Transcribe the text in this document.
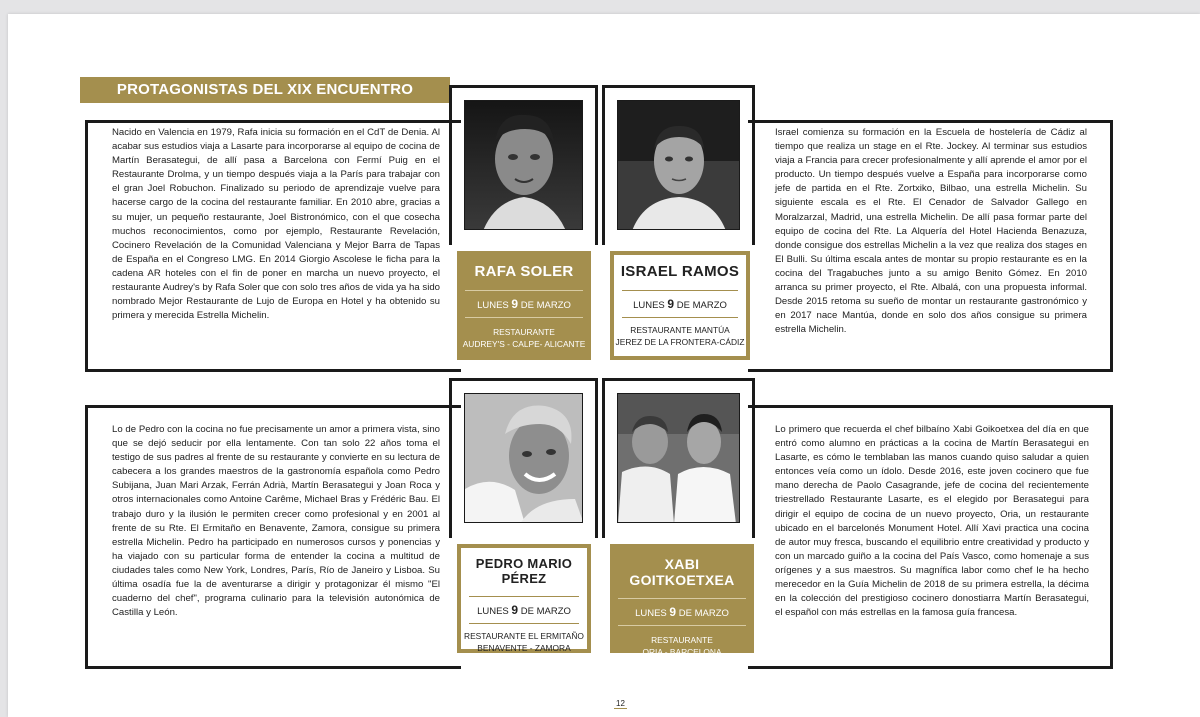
PROTAGONISTAS DEL XIX ENCUENTRO ALFONSO MIRA
Nacido en Valencia en 1979, Rafa inicia su formación en el CdT de Denia. Al acabar sus estudios viaja a Lasarte para incorporarse al equipo de cocina de Martín Berasategui, de allí pasa a Barcelona con Fermí Puig en el Restaurante Drolma, y un tiempo después viaja a la París para trabajar con el gran Joel Robuchon. Finalizado su periodo de aprendizaje vuelve para hacerse cargo de la cocina del restaurante familiar. En 2010 abre, gracias a su mujer, un pequeño restaurante, Joel Bistronómico, con el que cosecha muchos reconocimientos, como por ejemplo, Restaurante Revelación, Cocinero Revelación de la Comunidad Valenciana y Mejor Barra de Tapas de España en el Congreso LMG. En 2014 Giorgio Ascolese le ficha para la cadena AR hoteles con el fin de poner en marcha un nuevo proyecto, el restaurante Audrey's by Rafa Soler que con solo tres años de vida ya ha sido nombrado Mejor Restaurante de Lujo de Europa en Hotel y ha obtenido su primera y merecida Estrella Michelin.
Israel comienza su formación en la Escuela de hostelería de Cádiz al tiempo que realiza un stage en el Rte. Jockey. Al terminar sus estudios viaja a Francia para crecer profesionalmente y allí aprende el amor por el producto. Un tiempo después vuelve a España para incorporarse como jefe de partida en el Rte. Zortxiko, Bilbao, una estrella Michelin. Su siguiente escala es el Rte. El Cenador de Salvador Gallego en Moralzarzal, Madrid, una estrella Michelin. De allí pasa formar parte del equipo de cocina del Rte. La Alquería del Hotel Hacienda Benazuza, donde consigue dos estrellas Michelin a la vez que realiza dos stages en El Bulli. Su última escala antes de montar su propio restaurante es en la cocina del Tragabuches junto a su amigo Benito Gómez. En 2010 arranca su primer proyecto, el Rte. Albalá, con una propuesta informal. Desde 2015 retoma su sueño de montar un restaurante gastronómico y en 2017 nace Mantúa, donde en solo dos años consigue su primera estrella Michelin.
Lo de Pedro con la cocina no fue precisamente un amor a primera vista, sino que se dejó seducir por ella lentamente. Con tan solo 22 años toma el testigo de sus padres al frente de su restaurante y convierte en su lectura de cabecera a los grandes maestros de la gastronomía española como Pedro Subijana, Juan Mari Arzak, Ferrán Adrià, Martín Berasategui y Joan Roca y otros internacionales como Antoine Carême, Michael Bras y Frédéric Bau. El trabajo duro y la ilusión le permiten crecer como profesional y en 2001 al frente de su Rte. El Ermitaño en Benavente, Zamora, consigue su primera estrella Michelin. Pedro ha participado en numerosos cursos y ponencias y ha viajado con su particular forma de entender la cocina a multitud de ciudades tales como New York, Londres, París, Río de Janeiro y Lisboa. Su última osadía fue la de aventurarse a dirigir y protagonizar él mismo "El cuaderno del chef", programa culinario para la televisión autonómica de Castilla y León.
Lo primero que recuerda el chef bilbaíno Xabi Goikoetxea del día en que entró como alumno en prácticas a la cocina de Martín Berasategui en Lasarte, es cómo le temblaban las manos cuando quiso saludar a quien entonces veía como un ídolo. Desde 2016, este joven cocinero que fue mano derecha de Paolo Casagrande, jefe de cocina del recientemente triestrellado Restaurante Lasarte, es el elegido por Berasategui para dirigir el equipo de cocina de un nuevo proyecto, Oria, un restaurante ubicado en el barcelonés Monument Hotel. Allí Xavi practica una cocina de autor muy fresca, buscando el equilibrio entre creatividad y producto y con un marcado guiño a la cocina del País Vasco, como homenaje a sus orígenes y a sus maestros. Su magnífica labor como chef le ha hecho merecedor en la Guía Michelin de 2018 de su primera estrella, la décima en la colección del prestigioso cocinero donostiarra Martín Berasategui, el español con más estrellas en la famosa guía francesa.
RAFA SOLER
LUNES 9 DE MARZO
RESTAURANTE
AUDREY'S - CALPE- ALICANTE
ISRAEL RAMOS
LUNES 9 DE MARZO
RESTAURANTE MANTÚA
JEREZ DE LA FRONTERA-CÁDIZ
PEDRO MARIO PÉREZ
LUNES 9 DE MARZO
RESTAURANTE EL ERMITAÑO
BENAVENTE - ZAMORA
XABI GOITKOETXEA
LUNES 9 DE MARZO
RESTAURANTE
ORIA - BARCELONA
12
